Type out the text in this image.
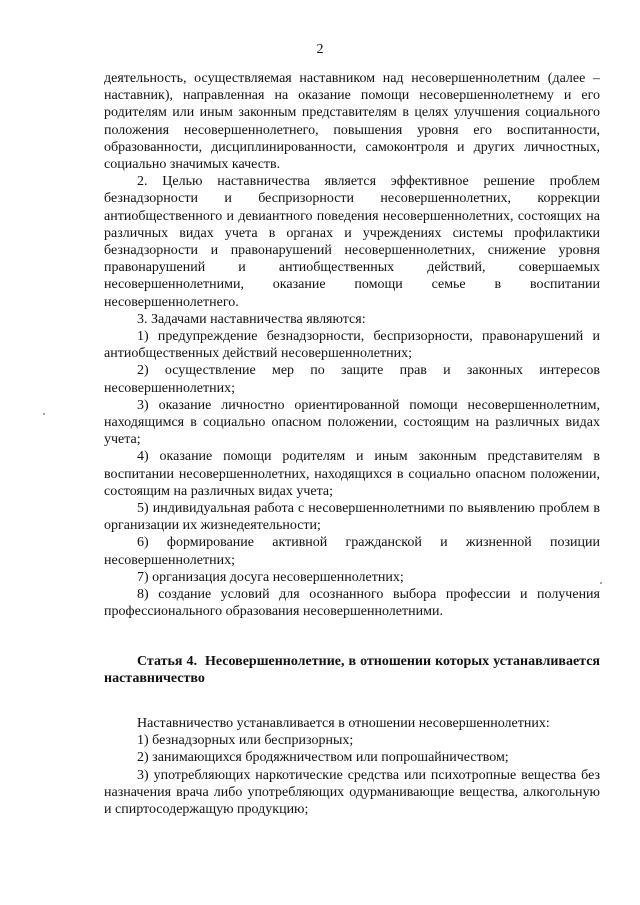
2

деятельность, осуществляемая наставником над несовершеннолетним (далее – наставник), направленная на оказание помощи несовершеннолетнему и его родителям или иным законным представителям в целях улучшения социального положения несовершеннолетнего, повышения уровня его воспитанности, образованности, дисциплинированности, самоконтроля и других личностных, социально значимых качеств.

2. Целью наставничества является эффективное решение проблем безнадзорности и беспризорности несовершеннолетних, коррекции антиобщественного и девиантного поведения несовершеннолетних, состоящих на различных видах учета в органах и учреждениях системы профилактики безнадзорности и правонарушений несовершеннолетних, снижение уровня правонарушений и антиобщественных действий, совершаемых несовершеннолетними, оказание помощи семье в воспитании несовершеннолетнего.

3. Задачами наставничества являются:

1) предупреждение безнадзорности, беспризорности, правонарушений и антиобщественных действий несовершеннолетних;

2) осуществление мер по защите прав и законных интересов несовершеннолетних;

3) оказание личностно ориентированной помощи несовершеннолетним, находящимся в социально опасном положении, состоящим на различных видах учета;

4) оказание помощи родителям и иным законным представителям в воспитании несовершеннолетних, находящихся в социально опасном положении, состоящим на различных видах учета;

5) индивидуальная работа с несовершеннолетними по выявлению проблем в организации их жизнедеятельности;

6) формирование активной гражданской и жизненной позиции несовершеннолетних;

7) организация досуга несовершеннолетних;

8) создание условий для осознанного выбора профессии и получения профессионального образования несовершеннолетними.

Статья 4. Несовершеннолетние, в отношении которых устанавливается наставничество

Наставничество устанавливается в отношении несовершеннолетних:

1) безнадзорных или беспризорных;

2) занимающихся бродяжничеством или попрошайничеством;

3) употребляющих наркотические средства или психотропные вещества без назначения врача либо употребляющих одурманивающие вещества, алкогольную и спиртосодержащую продукцию;
